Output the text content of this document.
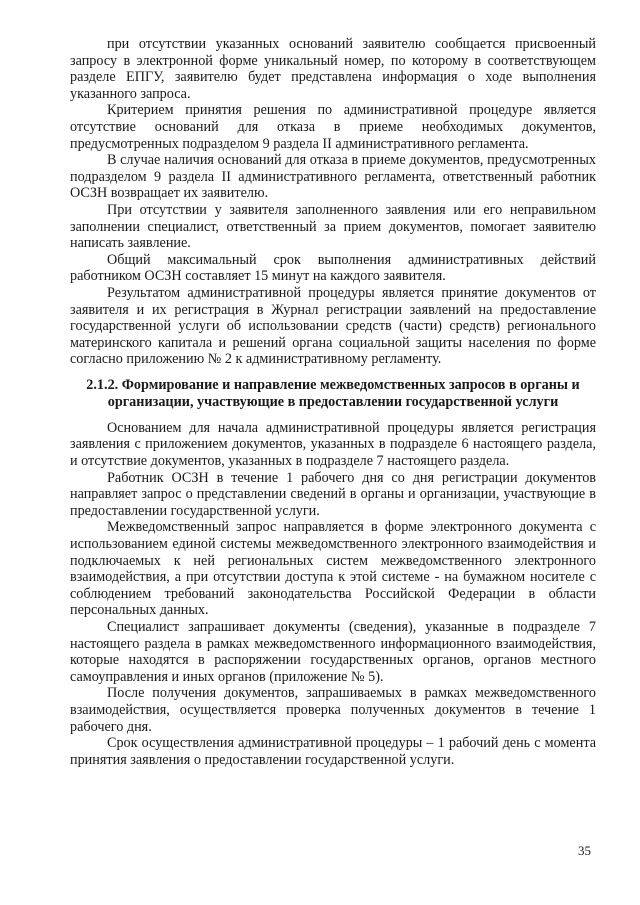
при отсутствии указанных оснований заявителю сообщается присвоенный запросу в электронной форме уникальный номер, по которому в соответствующем разделе ЕПГУ, заявителю будет представлена информация о ходе выполнения указанного запроса.

Критерием принятия решения по административной процедуре является отсутствие оснований для отказа в приеме необходимых документов, предусмотренных подразделом 9 раздела II административного регламента.

В случае наличия оснований для отказа в приеме документов, предусмотренных подразделом 9 раздела II административного регламента, ответственный работник ОСЗН возвращает их заявителю.

При отсутствии у заявителя заполненного заявления или его неправильном заполнении специалист, ответственный за прием документов, помогает заявителю написать заявление.

Общий максимальный срок выполнения административных действий работником ОСЗН составляет 15 минут на каждого заявителя.

Результатом административной процедуры является принятие документов от заявителя и их регистрация в Журнал регистрации заявлений на предоставление государственной услуги об использовании средств (части) средств) регионального материнского капитала и решений органа социальной защиты населения по форме согласно приложению № 2 к административному регламенту.

2.1.2. Формирование и направление межведомственных запросов в органы и организации, участвующие в предоставлении государственной услуги

Основанием для начала административной процедуры является регистрация заявления с приложением документов, указанных в подразделе 6 настоящего раздела, и отсутствие документов, указанных в подразделе 7 настоящего раздела.

Работник ОСЗН в течение 1 рабочего дня со дня регистрации документов направляет запрос о представлении сведений в органы и организации, участвующие в предоставлении государственной услуги.

Межведомственный запрос направляется в форме электронного документа с использованием единой системы межведомственного электронного взаимодействия и подключаемых к ней региональных систем межведомственного электронного взаимодействия, а при отсутствии доступа к этой системе - на бумажном носителе с соблюдением требований законодательства Российской Федерации в области персональных данных.

Специалист запрашивает документы (сведения), указанные в подразделе 7 настоящего раздела в рамках межведомственного информационного взаимодействия, которые находятся в распоряжении государственных органов, органов местного самоуправления и иных органов (приложение № 5).

После получения документов, запрашиваемых в рамках межведомственного взаимодействия, осуществляется проверка полученных документов в течение 1 рабочего дня.

Срок осуществления административной процедуры – 1 рабочий день с момента принятия заявления о предоставлении государственной услуги.

35
